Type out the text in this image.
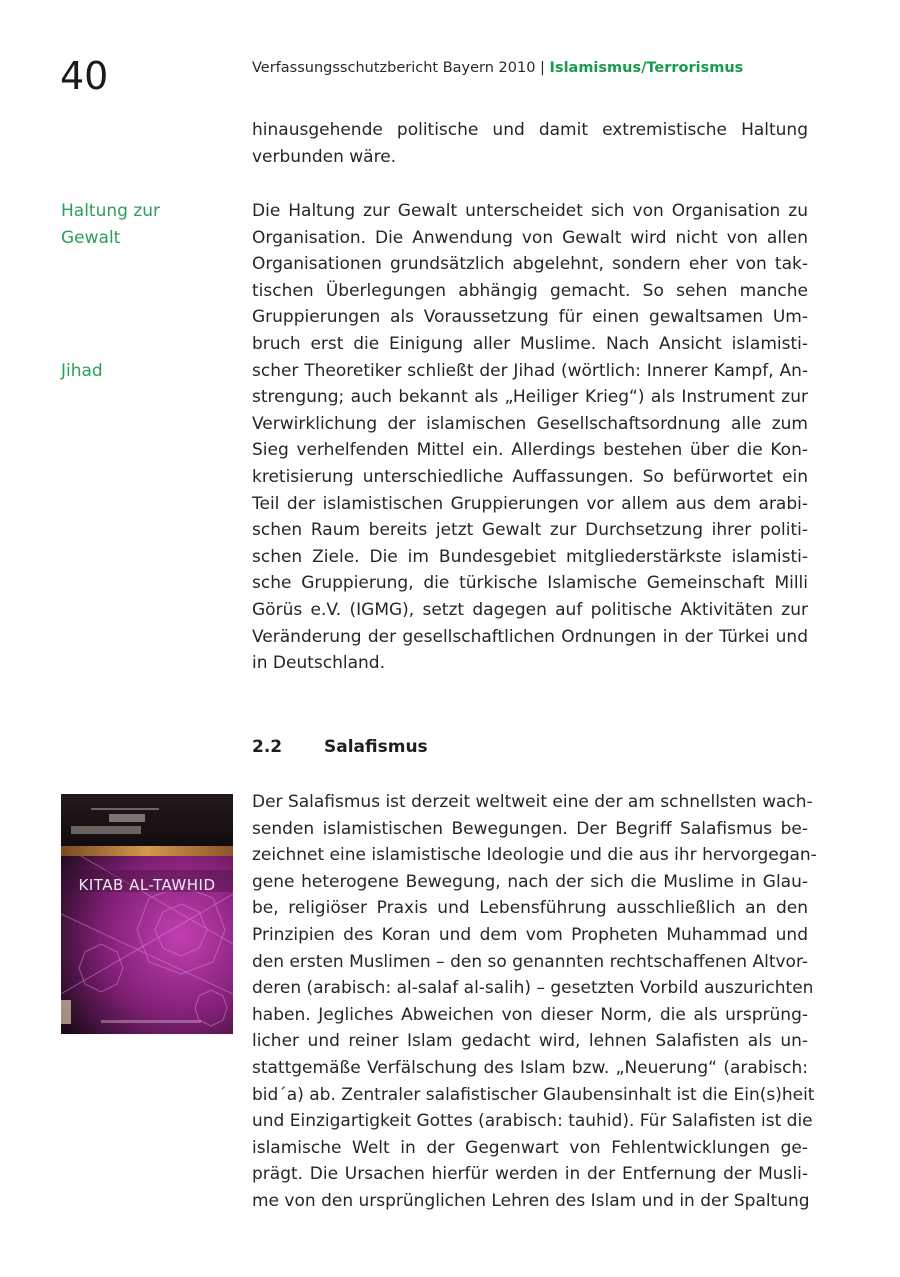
40	Verfassungsschutzbericht Bayern 2010 | Islamismus/Terrorismus
hinausgehende politische und damit extremistische Haltung
verbunden wäre.
Haltung zur
Gewalt
Jihad
Die Haltung zur Gewalt unterscheidet sich von Organisation zu
Organisation. Die Anwendung von Gewalt wird nicht von allen
Organisationen grundsätzlich abgelehnt, sondern eher von tak-
tischen Überlegungen abhängig gemacht. So sehen manche
Gruppierungen als Voraussetzung für einen gewaltsamen Um-
bruch erst die Einigung aller Muslime. Nach Ansicht islamisti-
scher Theoretiker schließt der Jihad (wörtlich: Innerer Kampf, An-
strengung; auch bekannt als „Heiliger Krieg“) als Instrument zur
Verwirklichung der islamischen Gesellschaftsordnung alle zum
Sieg verhelfenden Mittel ein. Allerdings bestehen über die Kon-
kretisierung unterschiedliche Auffassungen. So befürwortet ein
Teil der islamistischen Gruppierungen vor allem aus dem arabi-
schen Raum bereits jetzt Gewalt zur Durchsetzung ihrer politi-
schen Ziele. Die im Bundesgebiet mitgliederstärkste islamisti-
sche Gruppierung, die türkische Islamische Gemeinschaft Milli
Görüs e.V. (IGMG), setzt dagegen auf politische Aktivitäten zur
Veränderung der gesellschaftlichen Ordnungen in der Türkei und
in Deutschland.
2.2 Salafismus
KITAB AL-TAWHID
Der Salafismus ist derzeit weltweit eine der am schnellsten wach-
senden islamistischen Bewegungen. Der Begriff Salafismus be-
zeichnet eine islamistische Ideologie und die aus ihr hervorgegan-
gene heterogene Bewegung, nach der sich die Muslime in Glau-
be, religiöser Praxis und Lebensführung ausschließlich an den
Prinzipien des Koran und dem vom Propheten Muhammad und
den ersten Muslimen – den so genannten rechtschaffenen Altvor-
deren (arabisch: al-salaf al-salih) – gesetzten Vorbild auszurichten
haben. Jegliches Abweichen von dieser Norm, die als ursprüng-
licher und reiner Islam gedacht wird, lehnen Salafisten als un-
stattgemäße Verfälschung des Islam bzw. „Neuerung“ (arabisch:
bid´a) ab. Zentraler salafistischer Glaubensinhalt ist die Ein(s)heit
und Einzigartigkeit Gottes (arabisch: tauhid). Für Salafisten ist die
islamische Welt in der Gegenwart von Fehlentwicklungen ge-
prägt. Die Ursachen hierfür werden in der Entfernung der Musli-
me von den ursprünglichen Lehren des Islam und in der Spaltung
